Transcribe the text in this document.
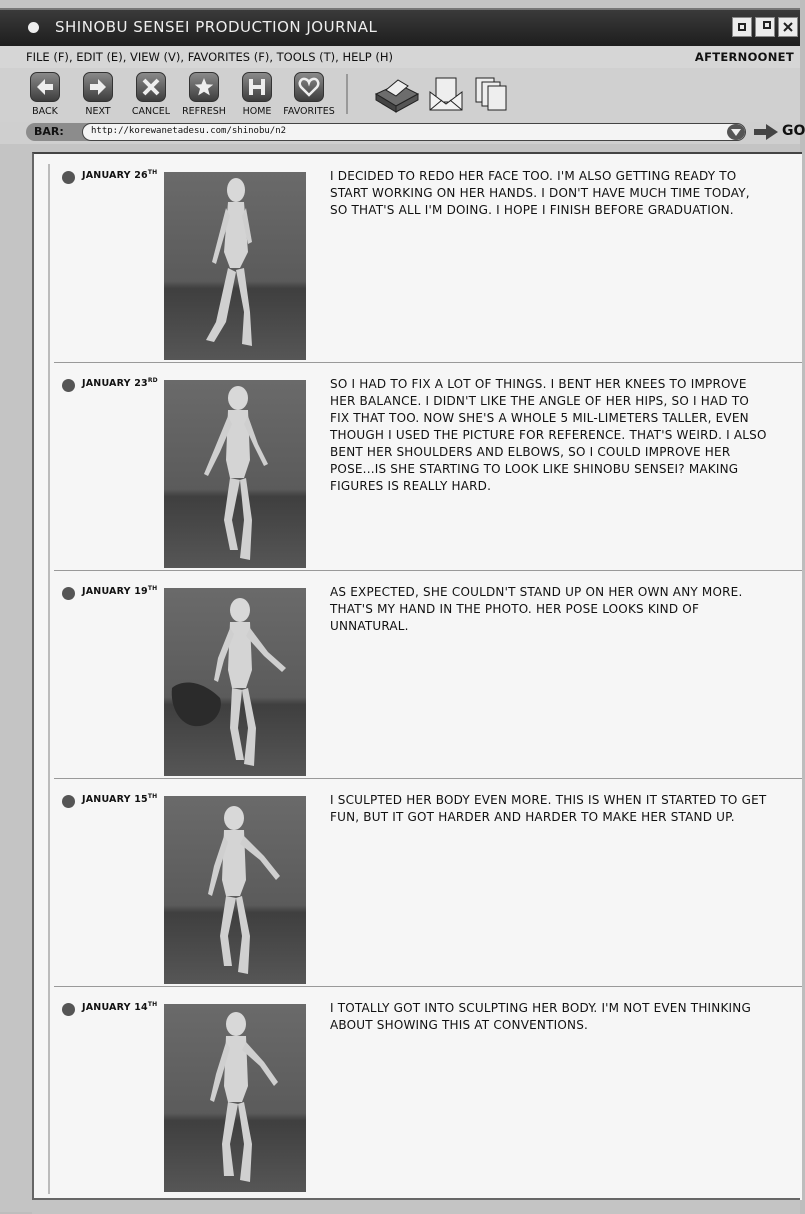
SHINOBU SENSEI PRODUCTION JOURNAL
FILE (F), EDIT (E), VIEW (V), FAVORITES (F), TOOLS (T), HELP (H)	AFTERNOONET
BACK	NEXT	CANCEL	REFRESH	HOME	FAVORITES
BAR:	http://korewanetadesu.com/shinobu/n2	GO
JANUARY 26TH	I DECIDED TO REDO HER FACE TOO. I'M ALSO GETTING READY TO START WORKING ON HER HANDS. I DON'T HAVE MUCH TIME TODAY, SO THAT'S ALL I'M DOING. I HOPE I FINISH BEFORE GRADUATION.
JANUARY 23RD	SO I HAD TO FIX A LOT OF THINGS. I BENT HER KNEES TO IMPROVE HER BALANCE. I DIDN'T LIKE THE ANGLE OF HER HIPS, SO I HAD TO FIX THAT TOO. NOW SHE'S A WHOLE 5 MIL-LIMETERS TALLER, EVEN THOUGH I USED THE PICTURE FOR REFERENCE. THAT'S WEIRD. I ALSO BENT HER SHOULDERS AND ELBOWS, SO I COULD IMPROVE HER POSE...IS SHE STARTING TO LOOK LIKE SHINOBU SENSEI? MAKING FIGURES IS REALLY HARD.
JANUARY 19TH	AS EXPECTED, SHE COULDN'T STAND UP ON HER OWN ANY MORE. THAT'S MY HAND IN THE PHOTO. HER POSE LOOKS KIND OF UNNATURAL.
JANUARY 15TH	I SCULPTED HER BODY EVEN MORE. THIS IS WHEN IT STARTED TO GET FUN, BUT IT GOT HARDER AND HARDER TO MAKE HER STAND UP.
JANUARY 14TH	I TOTALLY GOT INTO SCULPTING HER BODY. I'M NOT EVEN THINKING ABOUT SHOWING THIS AT CONVENTIONS.
